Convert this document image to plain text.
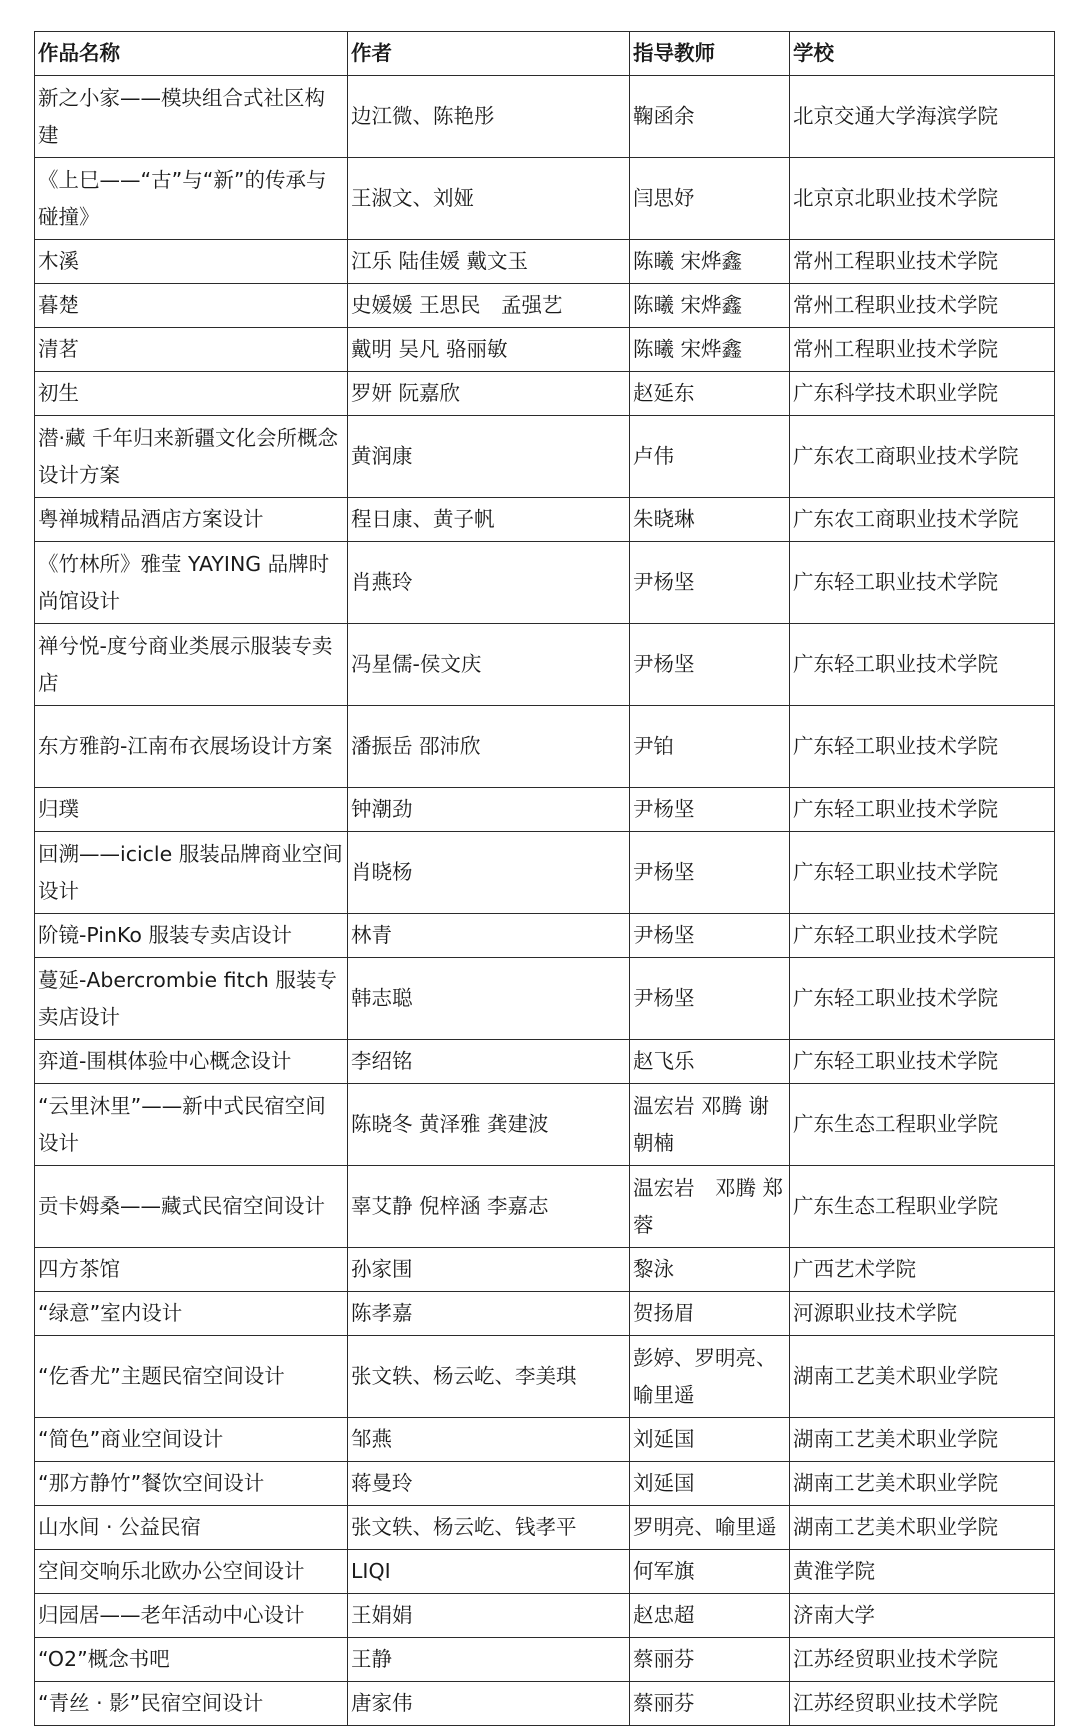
作品名称	作者	指导教师	学校
新之小家——模块组合式社区构建	边江微、陈艳彤	鞠函余	北京交通大学海滨学院
《上巳——“古”与“新”的传承与碰撞》	王淑文、刘娅	闫思妤	北京京北职业技术学院
木溪	江乐 陆佳媛 戴文玉	陈曦 宋烨鑫	常州工程职业技术学院
暮楚	史媛媛 王思民　孟强艺	陈曦 宋烨鑫	常州工程职业技术学院
清茗	戴明 吴凡 骆丽敏	陈曦 宋烨鑫	常州工程职业技术学院
初生	罗妍 阮嘉欣	赵延东	广东科学技术职业学院
潜·藏 千年归来新疆文化会所概念设计方案	黄润康	卢伟	广东农工商职业技术学院
粤禅城精品酒店方案设计	程日康、黄子帆	朱晓琳	广东农工商职业技术学院
《竹林所》雅莹 YAYING 品牌时尚馆设计	肖燕玲	尹杨坚	广东轻工职业技术学院
禅兮悦-度兮商业类展示服装专卖店	冯星儒-侯文庆	尹杨坚	广东轻工职业技术学院
东方雅韵-江南布衣展场设计方案	潘振岳 邵沛欣	尹铂	广东轻工职业技术学院
归璞	钟潮劲	尹杨坚	广东轻工职业技术学院
回溯——icicle 服装品牌商业空间设计	肖晓杨	尹杨坚	广东轻工职业技术学院
阶镜-PinKo 服装专卖店设计	林青	尹杨坚	广东轻工职业技术学院
蔓延-Abercrombie fitch 服装专卖店设计	韩志聪	尹杨坚	广东轻工职业技术学院
弈道-围棋体验中心概念设计	李绍铭	赵飞乐	广东轻工职业技术学院
“云里沐里”——新中式民宿空间设计	陈晓冬 黄泽雅 龚建波	温宏岩 邓腾 谢朝楠	广东生态工程职业学院
贡卡姆桑——藏式民宿空间设计	辜艾静 倪梓涵 李嘉志	温宏岩　邓腾 郑蓉	广东生态工程职业学院
四方茶馆	孙家围	黎泳	广西艺术学院
“绿意”室内设计	陈孝嘉	贺扬眉	河源职业技术学院
“仡香尤”主题民宿空间设计	张文轶、杨云屹、李美琪	彭婷、罗明亮、喻里遥	湖南工艺美术职业学院
“简色”商业空间设计	邹燕	刘延国	湖南工艺美术职业学院
“那方静竹”餐饮空间设计	蒋曼玲	刘延国	湖南工艺美术职业学院
山水间 · 公益民宿	张文轶、杨云屹、钱孝平	罗明亮、喻里遥	湖南工艺美术职业学院
空间交响乐北欧办公空间设计	LIQI	何军旗	黄淮学院
归园居——老年活动中心设计	王娟娟	赵忠超	济南大学
“O2”概念书吧	王静	蔡丽芬	江苏经贸职业技术学院
“青丝 · 影”民宿空间设计	唐家伟	蔡丽芬	江苏经贸职业技术学院
